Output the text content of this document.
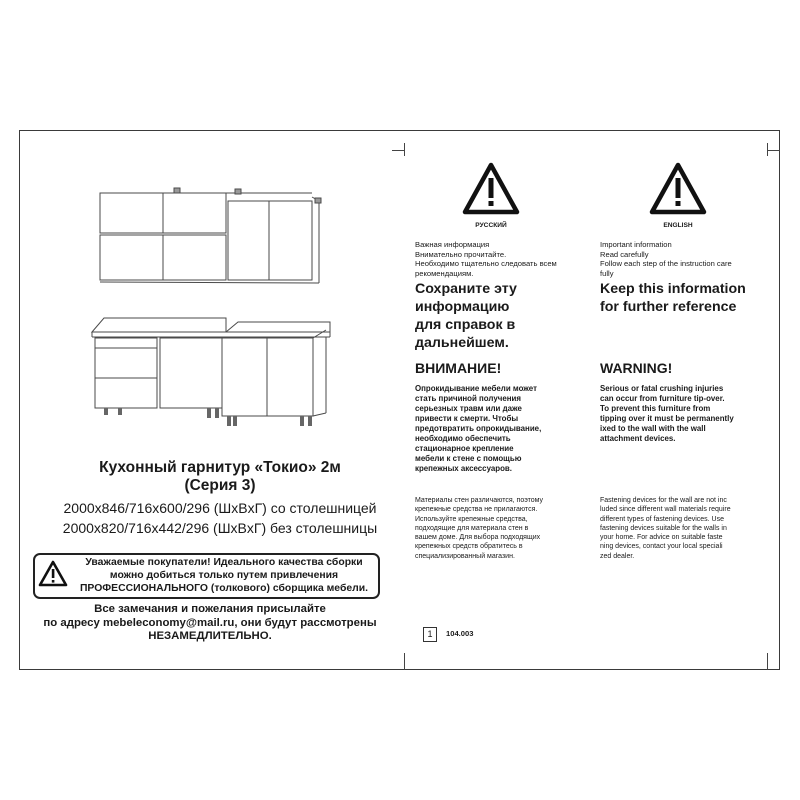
Кухонный гарнитур «Токио» 2м
(Серия 3)
2000x846/716x600/296 (ШxВxГ) со столешницей
2000x820/716x442/296 (ШxВxГ) без столешницы
Уважаемые покупатели! Идеального качества сборки
можно добиться только путем привлечения
ПРОФЕССИОНАЛЬНОГО (толкового) сборщика мебели.
Все замечания и пожелания присылайте
по адресу mebeleconomy@mail.ru, они будут рассмотрены
НЕЗАМЕДЛИТЕЛЬНО.
РУССКИЙ
Важная информация
Внимательно прочитайте.
Необходимо тщательно следовать всем
рекомендациям.
Сохраните эту
информацию
для справок в
дальнейшем.
ВНИМАНИЕ!
Опрокидывание мебели может
стать причиной получения
серьезных травм или даже
привести к смерти. Чтобы
предотвратить опрокидывание,
необходимо обеспечить
стационарное крепление
мебели к стене с помощью
крепежных аксессуаров.
Материалы стен различаются, поэтому
крепежные средства не прилагаются.
Используйте крепежные средства,
подходящие для материала стен в
вашем доме. Для выбора подходящих
крепежных средств обратитесь в
специализированный магазин.
ENGLISH
Important information
Read carefully
Follow each step of the instruction care
fully
Keep this information
for further reference
WARNING!
Serious or fatal crushing injuries
can occur from furniture tip-over.
To prevent this furniture from
tipping over it must be permanently
ixed to the wall with the wall
attachment devices.
Fastening devices for the wall are not inc
luded since different wall materials require
different types of fastening devices. Use
fastening devices suitable for the walls in
your home. For advice on suitable faste
ning devices, contact your local speciali
zed dealer.
1	104.003
